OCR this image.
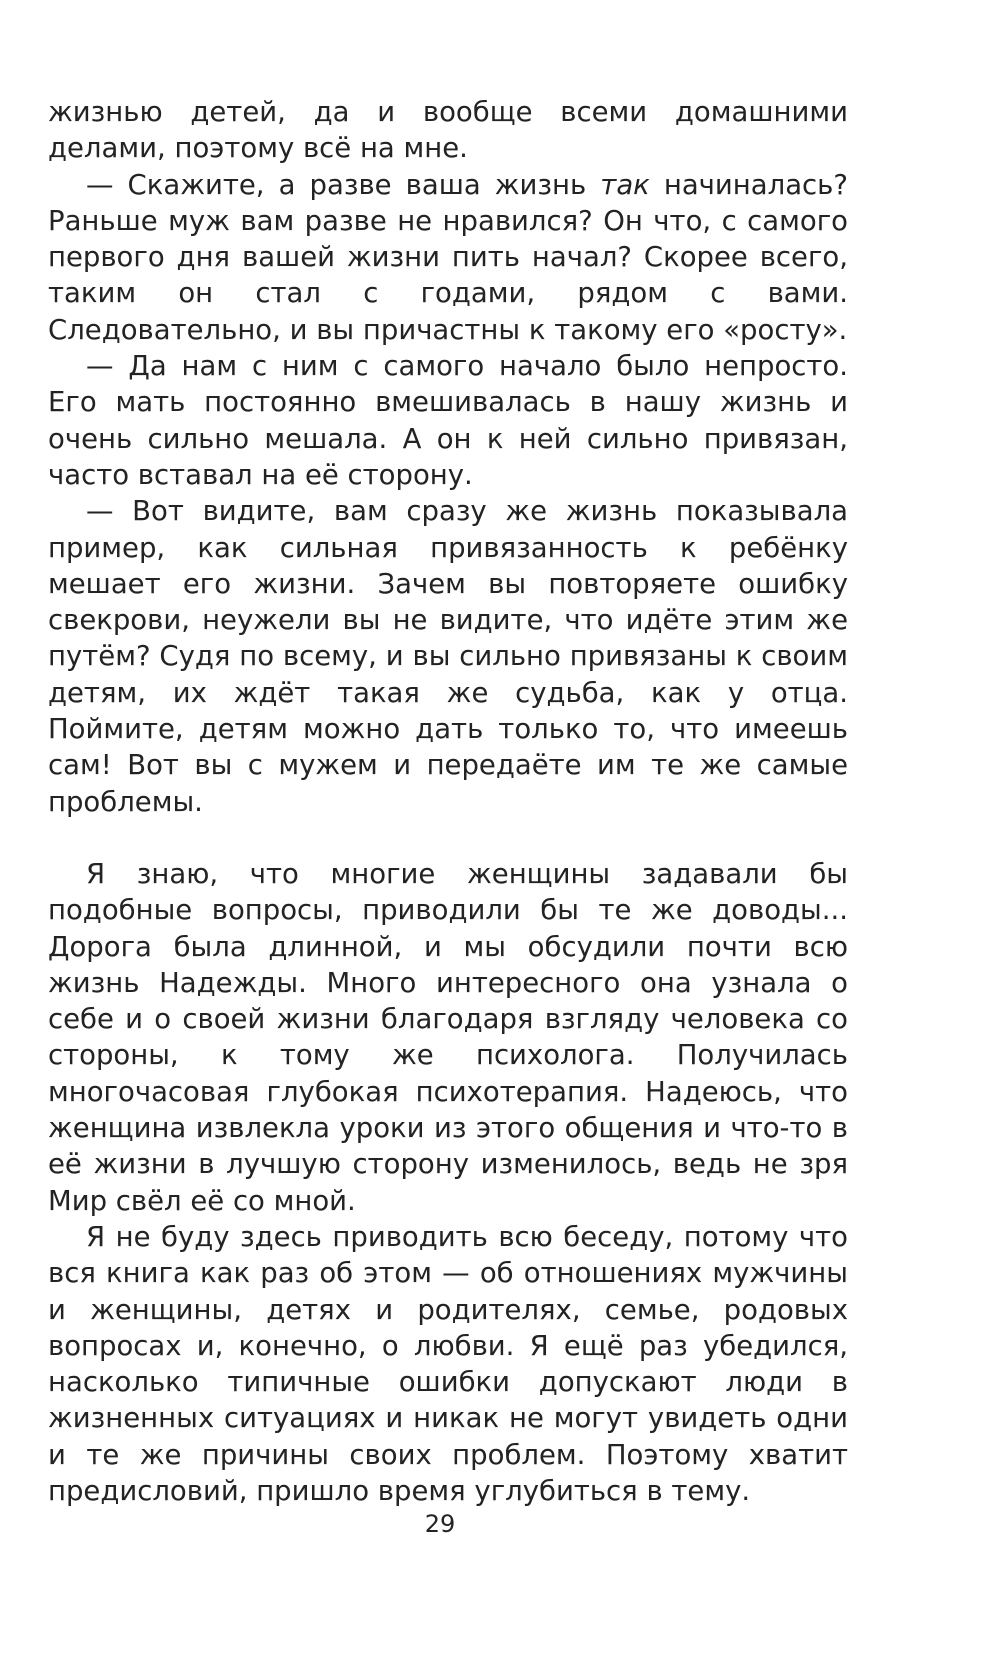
жизнью детей, да и вообще всеми домашними делами, поэтому всё на мне.

— Скажите, а разве ваша жизнь так начиналась? Раньше муж вам разве не нравился? Он что, с самого первого дня вашей жизни пить начал? Скорее всего, таким он стал с годами, рядом с вами. Следовательно, и вы причастны к такому его «росту».

— Да нам с ним с самого начало было непросто. Его мать постоянно вмешивалась в нашу жизнь и очень сильно мешала. А он к ней сильно привязан, часто вставал на её сторону.

— Вот видите, вам сразу же жизнь показывала пример, как сильная привязанность к ребёнку мешает его жизни. Зачем вы повторяете ошибку свекрови, неужели вы не видите, что идёте этим же путём? Судя по всему, и вы сильно привязаны к своим детям, их ждёт такая же судьба, как у отца. Поймите, детям можно дать только то, что имеешь сам! Вот вы с мужем и передаёте им те же самые проблемы.

Я знаю, что многие женщины задавали бы подобные вопросы, приводили бы те же доводы... Дорога была длинной, и мы обсудили почти всю жизнь Надежды. Много интересного она узнала о себе и о своей жизни благодаря взгляду человека со стороны, к тому же психолога. Получилась многочасовая глубокая психотерапия. Надеюсь, что женщина извлекла уроки из этого общения и что-то в её жизни в лучшую сторону изменилось, ведь не зря Мир свёл её со мной.

Я не буду здесь приводить всю беседу, потому что вся книга как раз об этом — об отношениях мужчины и женщины, детях и родителях, семье, родовых вопросах и, конечно, о любви. Я ещё раз убедился, насколько типичные ошибки допускают люди в жизненных ситуациях и никак не могут увидеть одни и те же причины своих проблем. Поэтому хватит предисловий, пришло время углубиться в тему.

29
